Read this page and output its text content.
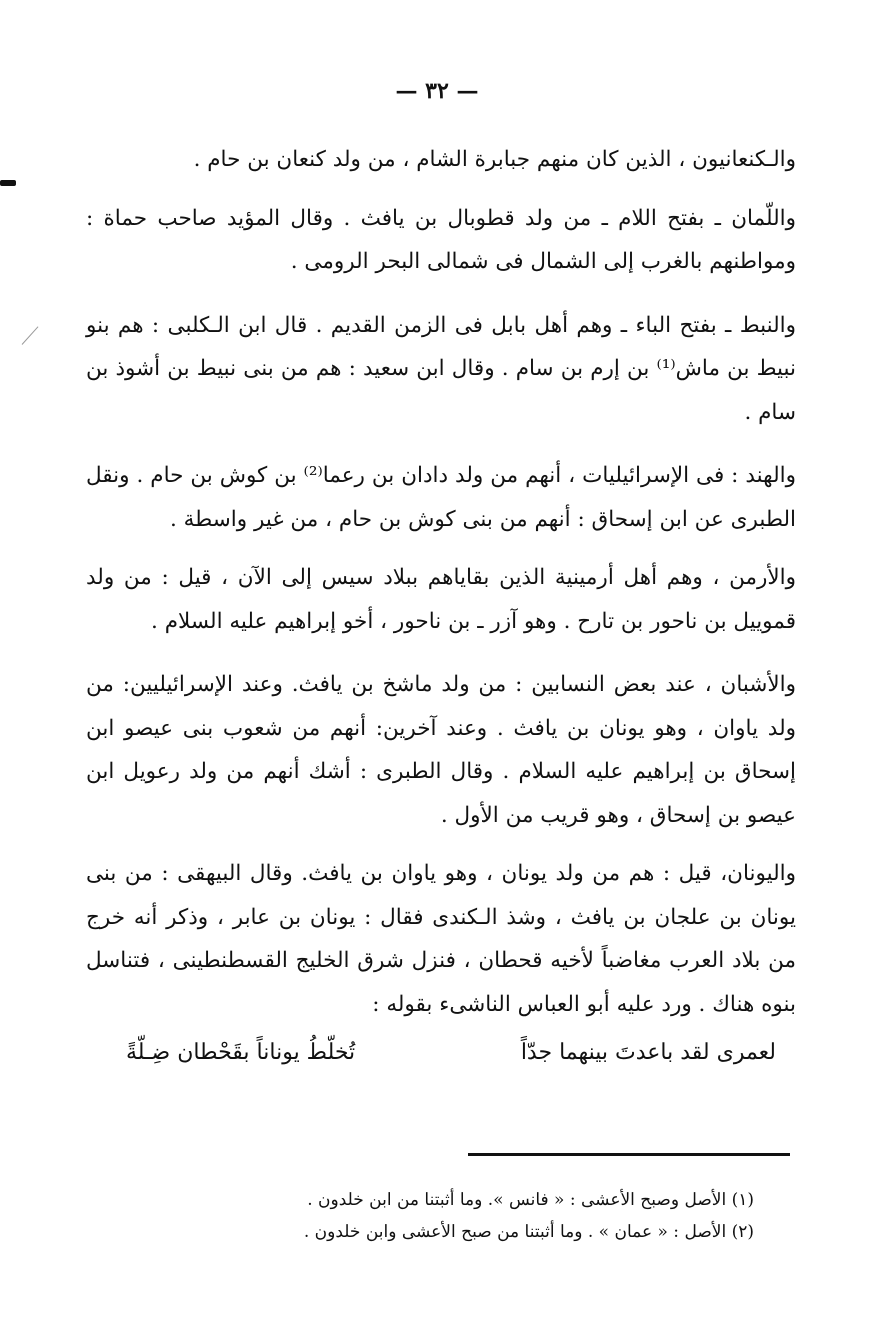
— ٣٢ —

والـكنعانيون ، الذين كان منهم جبابرة الشام ، من ولد كنعان بن حام .

واللّمان ـ بفتح اللام ـ من ولد قطوبال بن يافث . وقال المؤيد صاحب حماة : ومواطنهم بالغرب إلى الشمال فى شمالى البحر الرومى .

والنبط ـ بفتح الباء ـ وهم أهل بابل فى الزمن القديم . قال ابن الـكلبى : هم بنو نبيط بن ماش⁽¹⁾ بن إرم بن سام . وقال ابن سعيد : هم من بنى نبيط بن أشوذ بن سام .

والهند : فى الإسرائيليات ، أنهم من ولد دادان بن رعما⁽²⁾ بن كوش بن حام . ونقل الطبرى عن ابن إسحاق : أنهم من بنى كوش بن حام ، من غير واسطة .

والأرمن ، وهم أهل أرمينية الذين بقاياهم ببلاد سيس إلى الآن ، قيل : من ولد قموييل بن ناحور بن تارح . وهو آزر ـ بن ناحور ، أخو إبراهيم عليه السلام .

والأشبان ، عند بعض النسابين : من ولد ماشخ بن يافث. وعند الإسرائيليين: من ولد ياوان ، وهو يونان بن يافث . وعند آخرين: أنهم من شعوب بنى عيصو ابن إسحاق بن إبراهيم عليه السلام . وقال الطبرى : أشك أنهم من ولد رعويل ابن عيصو بن إسحاق ، وهو قريب من الأول .

واليونان، قيل : هم من ولد يونان ، وهو ياوان بن يافث. وقال البيهقى : من بنى يونان بن علجان بن يافث ، وشذ الـكندى فقال : يونان بن عابر ، وذكر أنه خرج من بلاد العرب مغاضباً لأخيه قحطان ، فنزل شرق الخليج القسطنطينى ، فتناسل بنوه هناك . ورد عليه أبو العباس الناشىء بقوله :

لعمرى لقد باعدتَ بينهما جدّاً
تُخلّطُ يوناناً بقَحْطان ضِـلّةً

(١) الأصل وصبح الأعشى : « فانس ». وما أثبتنا من ابن خلدون .

(٢) الأصل : « عمان » . وما أثبتنا من صبح الأعشى وابن خلدون .
